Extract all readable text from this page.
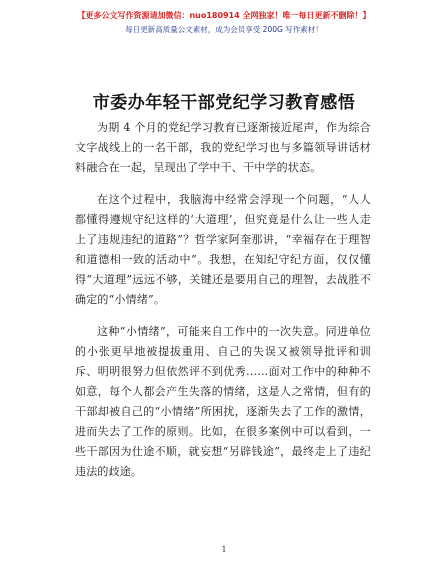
【更多公文写作资源请加微信：nuo180914 全网独家！唯一每日更新不删除！】
每日更新高质量公文素材，成为会员享受 200G 写作素材！
市委办年轻干部党纪学习教育感悟

为期 4 个月的党纪学习教育已逐渐接近尾声，作为综合文字战线上的一名干部，我的党纪学习也与多篇领导讲话材料融合在一起，呈现出了学中干、干中学的状态。

在这个过程中，我脑海中经常会浮现一个问题，“人人都懂得遵规守纪这样的‘大道理’，但究竟是什么让一些人走上了违规违纪的道路”？哲学家阿奎那讲，“幸福存在于理智和道德相一致的活动中”。我想，在知纪守纪方面，仅仅懂得“大道理”远远不够，关键还是要用自己的理智，去战胜不确定的“小情绪”。

这种“小情绪”，可能来自工作中的一次失意。同进单位的小张更早地被提拔重用、自己的失误又被领导批评和训斥、明明很努力但依然评不到优秀……面对工作中的种种不如意，每个人都会产生失落的情绪，这是人之常情，但有的干部却被自己的“小情绪”所困扰，逐渐失去了工作的激情，进而失去了工作的原则。比如，在很多案例中可以看到，一些干部因为仕途不顺，就妄想“另辟钱途”，最终走上了违纪违法的歧途。

1
